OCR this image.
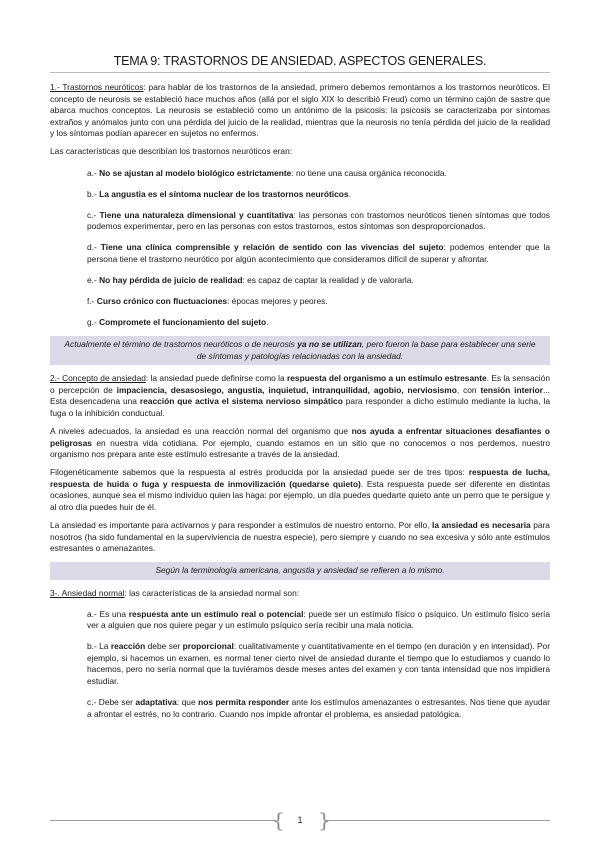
TEMA 9: TRASTORNOS DE ANSIEDAD. ASPECTOS GENERALES.

1.- Trastornos neuróticos: para hablar de los trastornos de la ansiedad, primero debemos remontarnos a los trastornos neuróticos. El concepto de neurosis se estableció hace muchos años (allá por el siglo XIX lo describió Freud) como un término cajón de sastre que abarca muchos conceptos. La neurosis se estableció como un antónimo de la psicosis: la psicosis se caracterizaba por síntomas extraños y anómalos junto con una pérdida del juicio de la realidad, mientras que la neurosis no tenía pérdida del juicio de la realidad y los síntomas podían aparecer en sujetos no enfermos.

Las características que describían los trastornos neuróticos eran:

a.- No se ajustan al modelo biológico estrictamente: no tiene una causa orgánica reconocida.

b.- La angustia es el síntoma nuclear de los trastornos neuróticos.

c.- Tiene una naturaleza dimensional y cuantitativa: las personas con trastornos neuróticos tienen síntomas que todos podemos experimentar, pero en las personas con estos trastornos, estos síntomas son desproporcionados.

d.- Tiene una clínica comprensible y relación de sentido con las vivencias del sujeto: podemos entender que la persona tiene el trastorno neurótico por algún acontecimiento que consideramos difícil de superar y afrontar.

e.- No hay pérdida de juicio de realidad: es capaz de captar la realidad y de valorarla.

f.- Curso crónico con fluctuaciones: épocas mejores y peores.

g.- Compromete el funcionamiento del sujeto.

Actualmente el término de trastornos neuróticos o de neurosis ya no se utilizan, pero fueron la base para establecer una serie de síntomas y patologías relacionadas con la ansiedad.

2.- Concepto de ansiedad: la ansiedad puede definirse como la respuesta del organismo a un estímulo estresante. Es la sensación o percepción de impaciencia, desasosiego, angustia, inquietud, intranquilidad, agobio, nerviosismo, con tensión interior... Esta desencadena una reacción que activa el sistema nervioso simpático para responder a dicho estímulo mediante la lucha, la fuga o la inhibición conductual.

A niveles adecuados, la ansiedad es una reacción normal del organismo que nos ayuda a enfrentar situaciones desafiantes o peligrosas en nuestra vida cotidiana. Por ejemplo, cuando estamos en un sitio que no conocemos o nos perdemos, nuestro organismo nos prepara ante este estímulo estresante a través de la ansiedad.

Filogenéticamente sabemos que la respuesta al estrés producida por la ansiedad puede ser de tres tipos: respuesta de lucha, respuesta de huida o fuga y respuesta de inmovilización (quedarse quieto). Esta respuesta puede ser diferente en distintas ocasiones, aunque sea el mismo individuo quien las haga: por ejemplo, un día puedes quedarte quieto ante un perro que te persigue y al otro día puedes huir de él.

La ansiedad es importante para activarnos y para responder a estímulos de nuestro entorno. Por ello, la ansiedad es necesaria para nosotros (ha sido fundamental en la superviviencia de nuestra especie), pero siempre y cuando no sea excesiva y sólo ante estímulos estresantes o amenazantes.

Según la terminología americana, angustia y ansiedad se refieren a lo mismo.

3-. Ansiedad normal: las características de la ansiedad normal son:

a.- Es una respuesta ante un estímulo real o potencial: puede ser un estímulo físico o psíquico. Un estímulo físico sería ver a alguien que nos quiere pegar y un estímulo psíquico sería recibir una mala noticia.

b.- La reacción debe ser proporcional: cualitativamente y cuantitativamente en el tiempo (en duración y en intensidad). Por ejemplo, si hacemos un examen, es normal tener cierto nivel de ansiedad durante el tiempo que lo estudiamos y cuando lo hacemos, pero no sería normal que la tuviéramos desde meses antes del examen y con tanta intensidad que nos impidiera estudiar.

c.- Debe ser adaptativa: que nos permita responder ante los estímulos amenazantes o estresantes. Nos tiene que ayudar a afrontar el estrés, no lo contrario. Cuando nos impide afrontar el problema, es ansiedad patológica.

{	1 }
